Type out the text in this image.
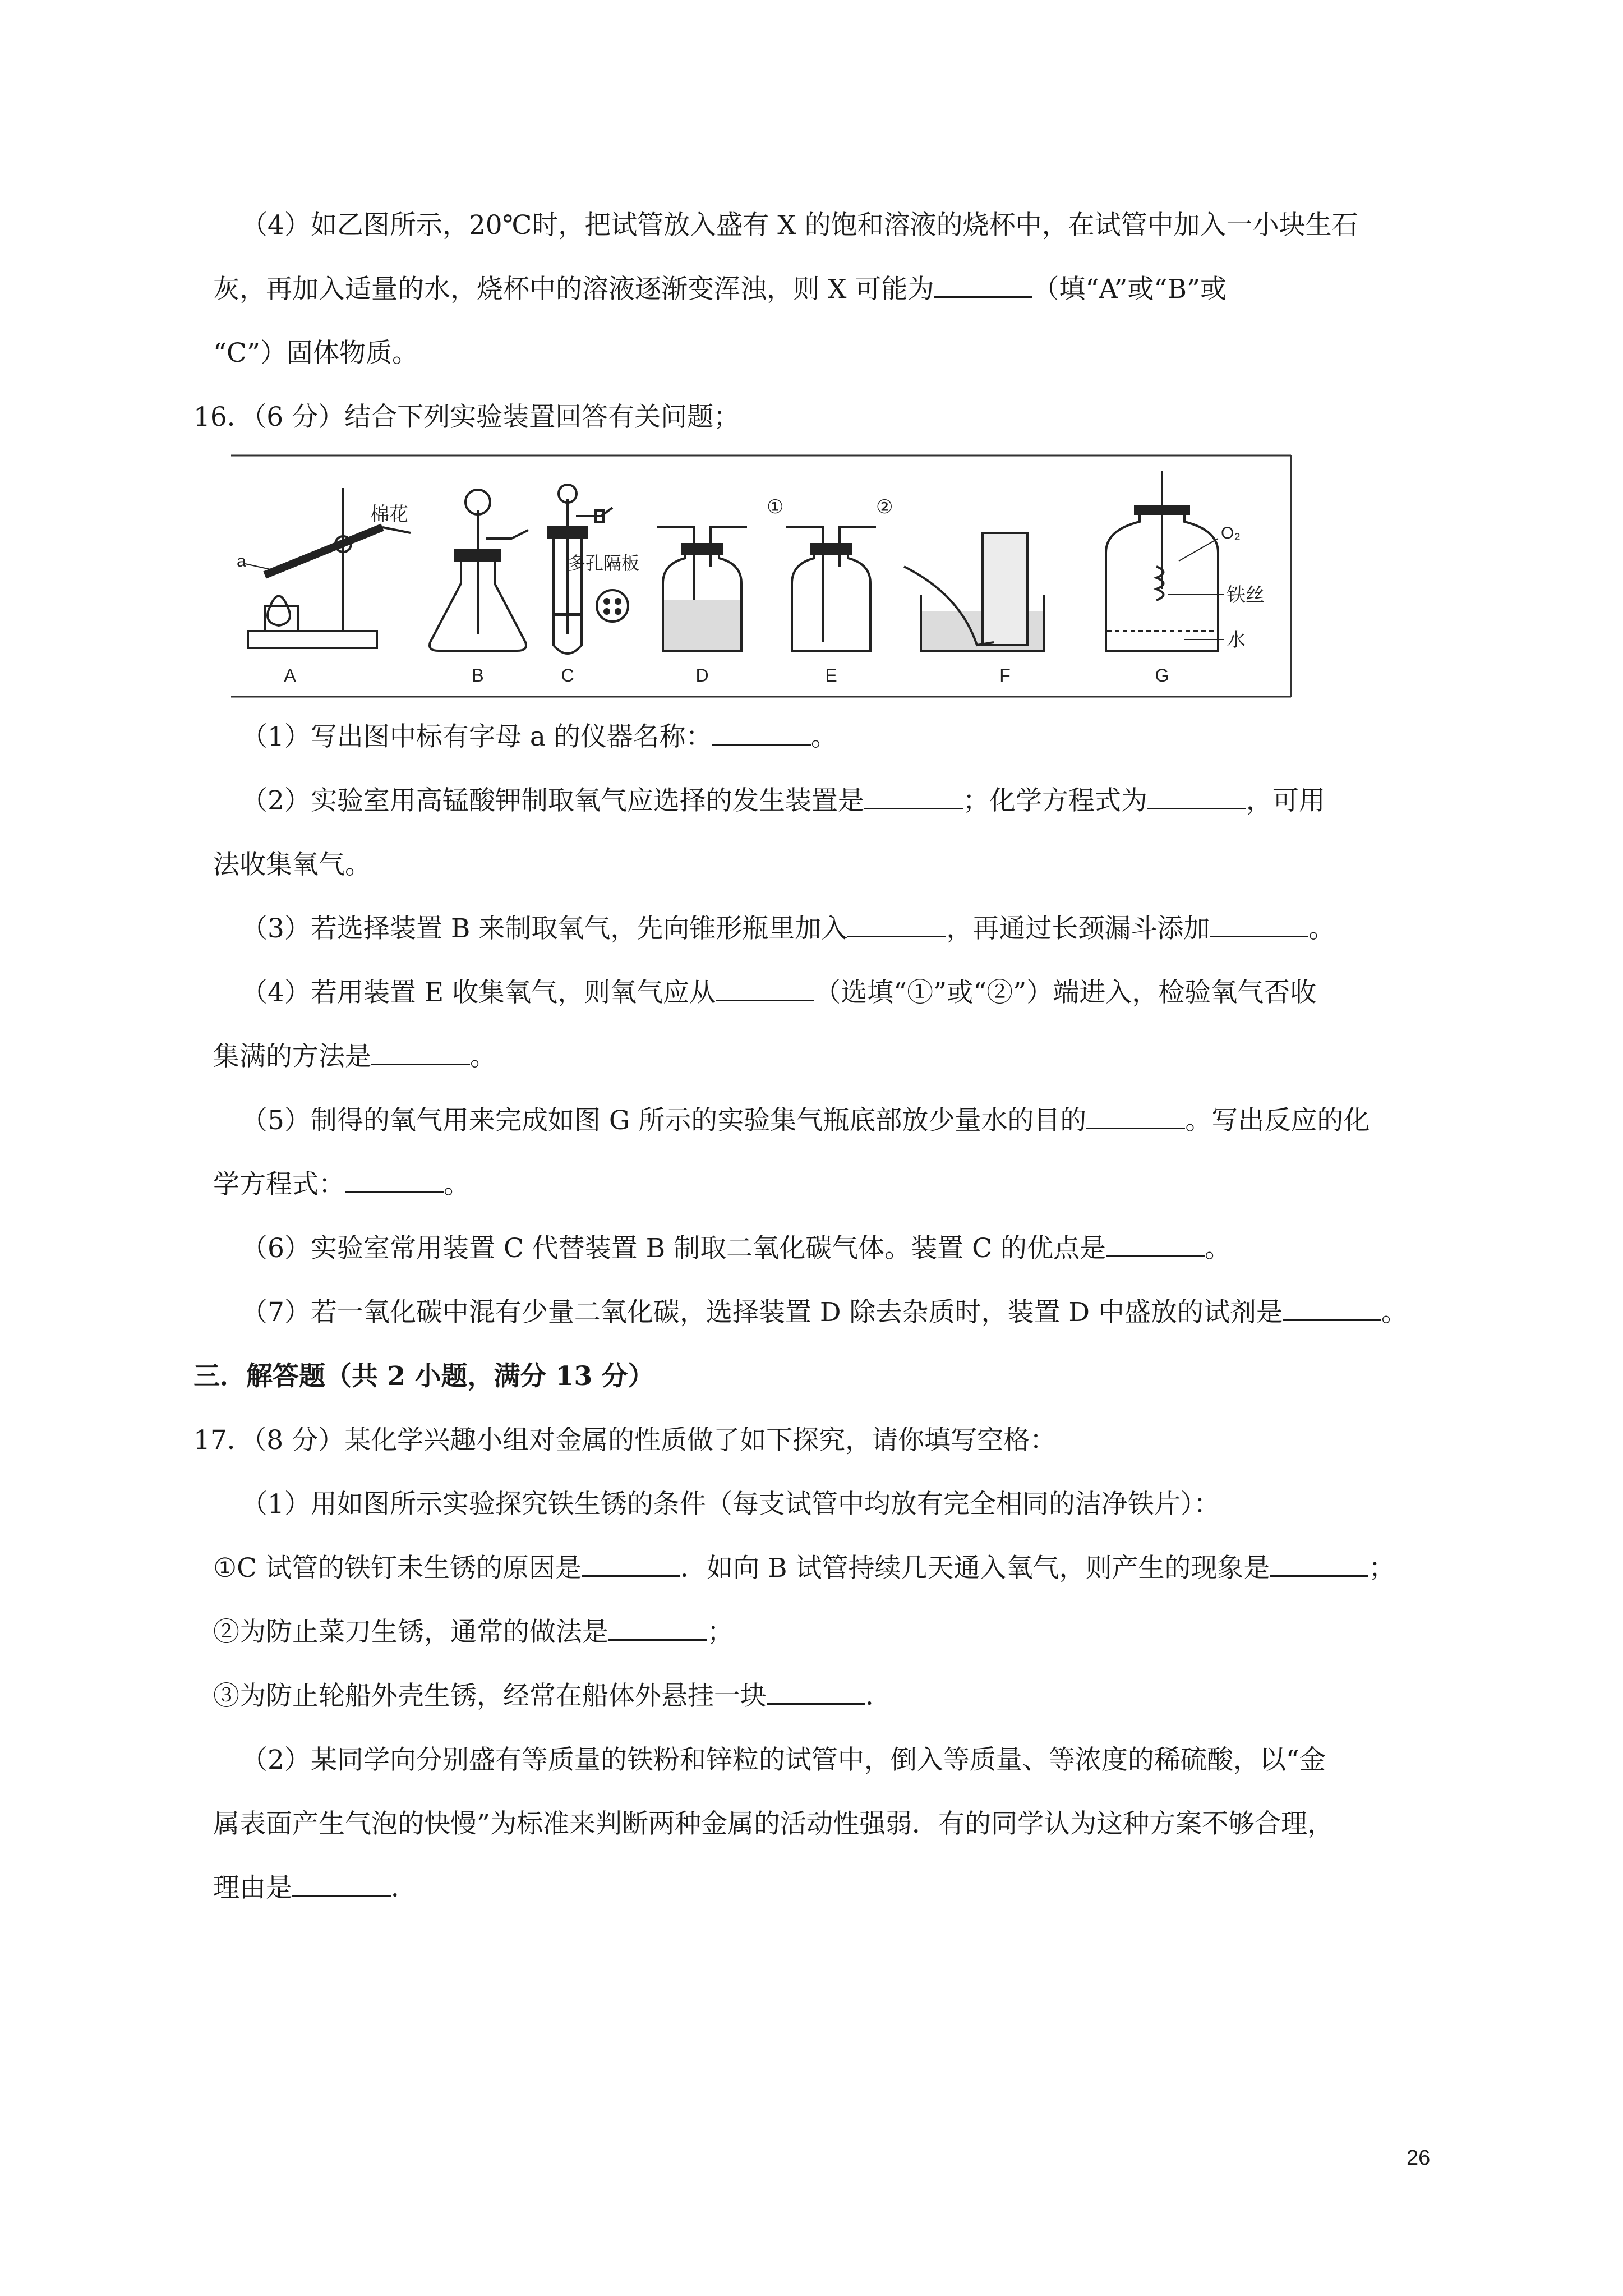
（4）如乙图所示，20℃时，把试管放入盛有 X 的饱和溶液的烧杯中，在试管中加入一小块生石
灰，再加入适量的水，烧杯中的溶液逐渐变浑浊，则 X 可能为	（填“A”或“B”或
“C”）固体物质。
16．（6 分）结合下列实验装置回答有关问题；
a
棉花
多孔隔板
①	②
O₂
铁丝
水
A	B	C	D	E	F	G
（1）写出图中标有字母 a 的仪器名称：	。
（2）实验室用高锰酸钾制取氧气应选择的发生装置是	；化学方程式为	，可用
法收集氧气。
（3）若选择装置 B 来制取氧气，先向锥形瓶里加入	，再通过长颈漏斗添加	。
（4）若用装置 E 收集氧气，则氧气应从	（选填“①”或“②”）端进入，检验氧气否收
集满的方法是	。
（5）制得的氧气用来完成如图 G 所示的实验集气瓶底部放少量水的目的	。写出反应的化
学方程式：	。
（6）实验室常用装置 C 代替装置 B 制取二氧化碳气体。装置 C 的优点是	。
（7）若一氧化碳中混有少量二氧化碳，选择装置 D 除去杂质时，装置 D 中盛放的试剂是	。
三．解答题（共 2 小题，满分 13 分）
17．（8 分）某化学兴趣小组对金属的性质做了如下探究，请你填写空格：
（1）用如图所示实验探究铁生锈的条件（每支试管中均放有完全相同的洁净铁片）：
①C 试管的铁钉未生锈的原因是	．如向 B 试管持续几天通入氧气，则产生的现象是	；
②为防止菜刀生锈，通常的做法是	；
③为防止轮船外壳生锈，经常在船体外悬挂一块	．
（2）某同学向分别盛有等质量的铁粉和锌粒的试管中，倒入等质量、等浓度的稀硫酸，以“金
属表面产生气泡的快慢”为标准来判断两种金属的活动性强弱．有的同学认为这种方案不够合理，
理由是	．
26
